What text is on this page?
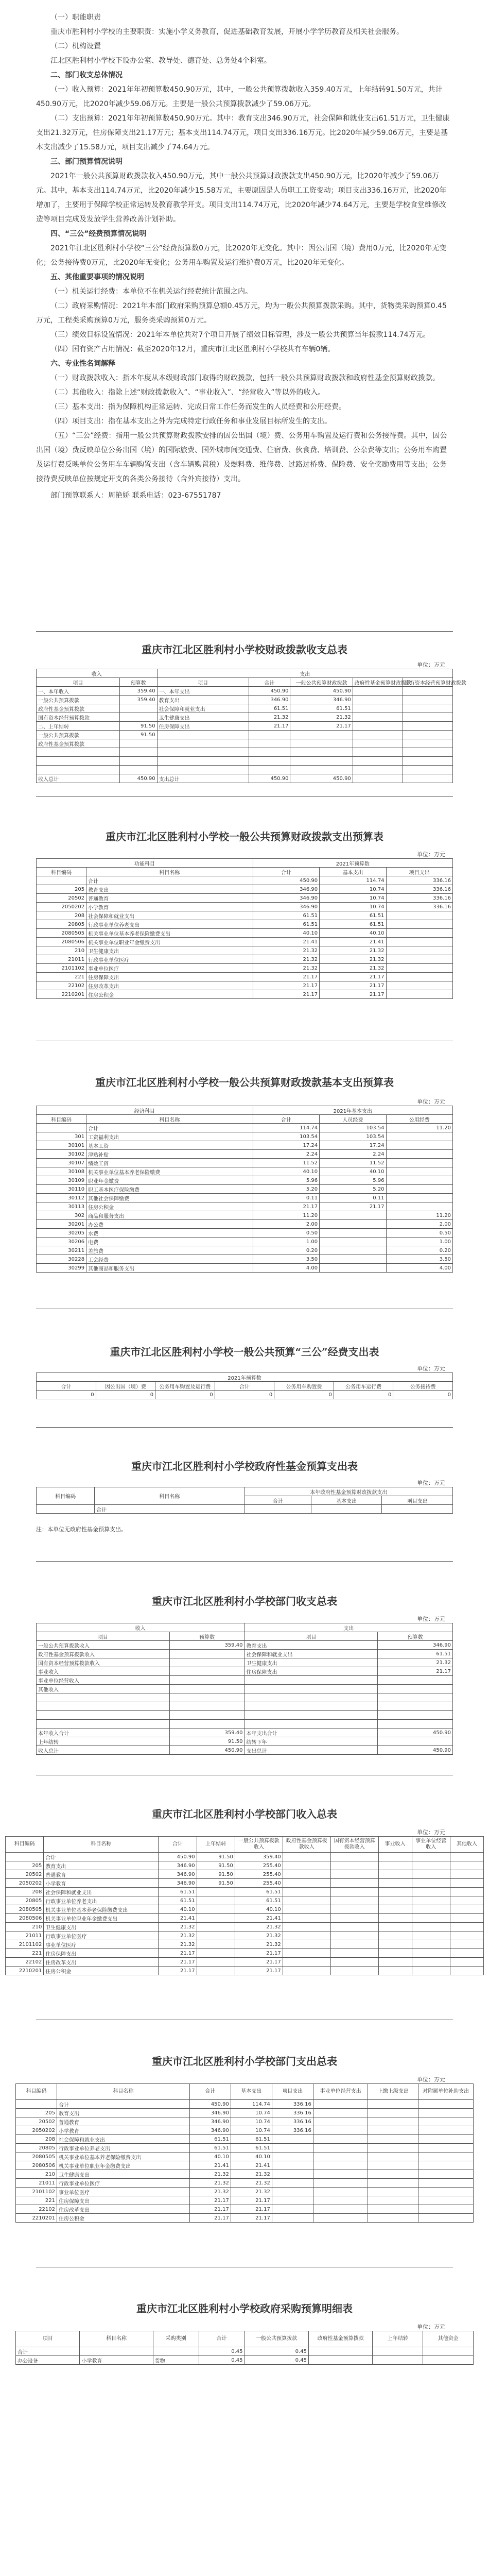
（一）职能职责

重庆市胜利村小学校的主要职责：实施小学义务教育，促进基础教育发展，开展小学学历教育及相关社会服务。

（二）机构设置

江北区胜利村小学校下设办公室、教导处、德育处、总务处4个科室。

二、部门收支总体情况

（一）收入预算：2021年年初预算数450.90万元，其中，一般公共预算拨款收入359.40万元，上年结转91.50万元，共计450.90万元，比2020年减少59.06万元。主要是一般公共预算拨款减少了59.06万元。

（二）支出预算：2021年年初预算数450.90万元。其中：教育支出346.90万元，社会保障和就业支出61.51万元，卫生健康支出21.32万元，住房保障支出21.17万元；基本支出114.74万元，项目支出336.16万元。比2020年减少59.06万元，主要是基本支出减少了15.58万元，项目支出减少了74.64万元。

三、部门预算情况说明

2021年一般公共预算财政拨款收入450.90万元，其中一般公共预算财政拨款支出450.90万元，比2020年减少了59.06万元。其中，基本支出114.74万元，比2020年减少15.58万元，主要原因是人员职工工资变动；项目支出336.16万元，比2020年增加了，主要用于保障学校正常运转及教育教学开支。项目支出114.74万元，比2020年减少74.64万元，主要是学校食堂维修改造等项目完成及发放学生营养改善计划补助。

四、“三公”经费预算情况说明

2021年江北区胜利村小学校“三公”经费预算数0万元，比2020年无变化。其中：因公出国（境）费用0万元，比2020年无变化；公务接待费0万元，比2020年无变化；公务用车购置及运行维护费0万元，比2020年无变化。

五、其他重要事项的情况说明

（一）机关运行经费：本单位不在机关运行经费统计范围之内。

（二）政府采购情况：2021年本部门政府采购预算总额0.45万元，均为一般公共预算拨款采购。其中，货物类采购预算0.45万元，工程类采购预算0万元，服务类采购预算0万元。

（三）绩效目标设置情况：2021年本单位共对7个项目开展了绩效目标管理，涉及一般公共预算当年拨款114.74万元。

（四）国有资产占用情况：截至2020年12月，重庆市江北区胜利村小学校共有车辆0辆。

六、专业性名词解释

（一）财政拨款收入：指本年度从本级财政部门取得的财政拨款，包括一般公共预算财政拨款和政府性基金预算财政拨款。

（二）其他收入：指除上述“财政拨款收入”、“事业收入”、“经营收入”等以外的收入。

（三）基本支出：指为保障机构正常运转、完成日常工作任务而发生的人员经费和公用经费。

（四）项目支出：指在基本支出之外为完成特定行政任务和事业发展目标所发生的支出。

（五）“三公”经费：指用一般公共预算财政拨款安排的因公出国（境）费、公务用车购置及运行费和公务接待费。其中，因公出国（境）费反映单位公务出国（境）的国际旅费、国外城市间交通费、住宿费、伙食费、培训费、公杂费等支出；公务用车购置及运行费反映单位公务用车车辆购置支出（含车辆购置税）及燃料费、维修费、过路过桥费、保险费、安全奖励费用等支出；公务接待费反映单位按规定开支的各类公务接待（含外宾接待）支出。

部门预算联系人：周艳娇 联系电话：023-67551787

重庆市江北区胜利村小学校财政拨款收支总表
单位：万元
收入		支出				
项目	预算数	项目	合计	一般公共预算财政拨款	政府性基金预算财政拨款	国有资本经营预算财政拨款
一、本年收入	359.40	一、本年支出	450.90	450.90		
一般公共预算拨款	359.40	教育支出	346.90	346.90		
政府性基金预算拨款		社会保障和就业支出	61.51	61.51		
国有资本经营预算拨款		卫生健康支出	21.32	21.32		
二、上年结转	91.50	住房保障支出	21.17	21.17		
一般公共预算拨款	91.50					
政府性基金预算拨款						

收入总计	450.90	支出总计	450.90	450.90		
重庆市江北区胜利村小学校一般公共预算财政拨款支出预算表
单位：万元
功能科目		2021年预算数		
科目编码	科目名称	合计	基本支出	项目支出
	合计	450.90	114.74	336.16
205	教育支出	346.90	10.74	336.16
20502	普通教育	346.90	10.74	336.16
2050202	小学教育	346.90	10.74	336.16
208	社会保障和就业支出	61.51	61.51	
20805	行政事业单位养老支出	61.51	61.51	
2080505	机关事业单位基本养老保险缴费支出	40.10	40.10	
2080506	机关事业单位职业年金缴费支出	21.41	21.41	
210	卫生健康支出	21.32	21.32	
21011	行政事业单位医疗	21.32	21.32	
2101102	事业单位医疗	21.32	21.32	
221	住房保障支出	21.17	21.17	
22102	住房改革支出	21.17	21.17	
2210201	住房公积金	21.17	21.17	
重庆市江北区胜利村小学校一般公共预算财政拨款基本支出预算表
单位：万元
经济科目		2021年基本支出		
科目编码	科目名称	合计	人员经费	公用经费
	合计	114.74	103.54	11.20
301	工资福利支出	103.54	103.54	
30101	基本工资	17.24	17.24	
30102	津贴补贴	2.24	2.24	
30107	绩效工资	11.52	11.52	
30108	机关事业单位基本养老保险缴费	40.10	40.10	
30109	职业年金缴费	5.96	5.96	
30110	职工基本医疗保险缴费	5.20	5.20	
30112	其他社会保障缴费	0.11	0.11	
30113	住房公积金	21.17	21.17	
302	商品和服务支出	11.20		11.20
30201	办公费	2.00		2.00
30205	水费	0.50		0.50
30206	电费	1.00		1.00
30211	差旅费	0.20		0.20
30228	工会经费	3.50		3.50
30299	其他商品和服务支出	4.00		4.00
重庆市江北区胜利村小学校一般公共预算“三公”经费支出表
单位：万元
2021年预算数						
合计	因公出国（境）费	公务用车购置及运行费	合计	公务用车购置费	公务用车运行费	公务接待费
0	0	0	0	0	0	0
重庆市江北区胜利村小学校政府性基金预算支出表
单位：万元
科目编码	科目名称	本年政府性基金预算财政拨款支出		
		合计	基本支出	项目支出
	合计			
注：本单位无政府性基金预算支出。
重庆市江北区胜利村小学校部门收支总表
单位：万元
收入		支出	
项目	预算数	项目	预算数
一般公共预算拨款收入	359.40	教育支出	346.90
政府性基金预算拨款收入		社会保障和就业支出	61.51
国有资本经营预算拨款收入		卫生健康支出	21.32
事业收入		住房保障支出	21.17
事业单位经营收入			
其他收入			

本年收入合计	359.40	本年支出合计	450.90
上年结转	91.50	结转下年	
收入总计	450.90	支出总计	450.90
重庆市江北区胜利村小学校部门收入总表
单位：万元
科目编码	科目名称	合计	上年结转	一般公共预算拨款收入	政府性基金预算拨款收入	国有资本经营预算拨款收入	事业收入	事业单位经营收入	其他收入
	合计	450.90	91.50	359.40					
205	教育支出	346.90	91.50	255.40					
20502	普通教育	346.90	91.50	255.40					
2050202	小学教育	346.90	91.50	255.40					
208	社会保障和就业支出	61.51		61.51					
20805	行政事业单位养老支出	61.51		61.51					
2080505	机关事业单位基本养老保险缴费支出	40.10		40.10					
2080506	机关事业单位职业年金缴费支出	21.41		21.41					
210	卫生健康支出	21.32		21.32					
21011	行政事业单位医疗	21.32		21.32					
2101102	事业单位医疗	21.32		21.32					
221	住房保障支出	21.17		21.17					
22102	住房改革支出	21.17		21.17					
2210201	住房公积金	21.17		21.17					
重庆市江北区胜利村小学校部门支出总表
单位：万元
科目编码	科目名称	合计	基本支出	项目支出	事业单位经营支出	上缴上级支出	对附属单位补助支出
	合计	450.90	114.74	336.16			
205	教育支出	346.90	10.74	336.16			
20502	普通教育	346.90	10.74	336.16			
2050202	小学教育	346.90	10.74	336.16			
208	社会保障和就业支出	61.51	61.51				
20805	行政事业单位养老支出	61.51	61.51				
2080505	机关事业单位基本养老保险缴费支出	40.10	40.10				
2080506	机关事业单位职业年金缴费支出	21.41	21.41				
210	卫生健康支出	21.32	21.32				
21011	行政事业单位医疗	21.32	21.32				
2101102	事业单位医疗	21.32	21.32				
221	住房保障支出	21.17	21.17				
22102	住房改革支出	21.17	21.17				
2210201	住房公积金	21.17	21.17				
重庆市江北区胜利村小学校政府采购预算明细表
单位：万元
项目	科目名称	采购类别	合计	一般公共预算拨款	政府性基金预算拨款	上年结转	其他资金
合计			0.45	0.45			
办公设备	小学教育	货物	0.45	0.45			
